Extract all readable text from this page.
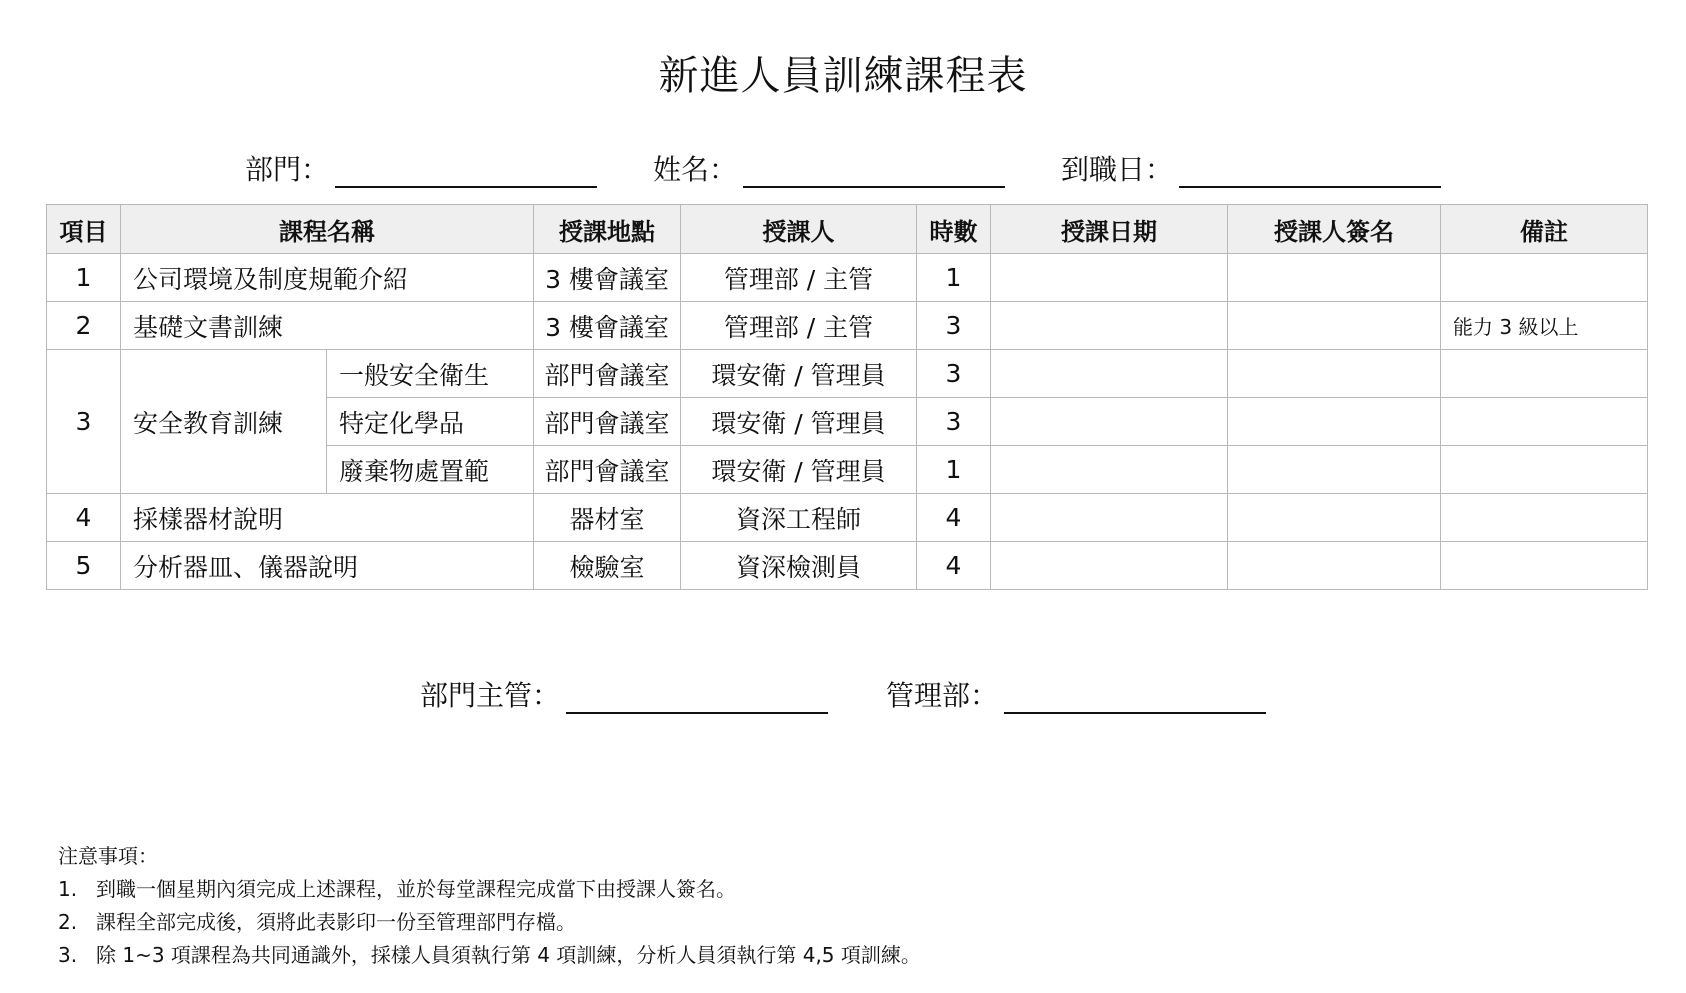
新進人員訓練課程表
部門：	姓名：	到職日：
項目	課程名稱		授課地點	授課人	時數	授課日期	授課人簽名	備註
1	公司環境及制度規範介紹		3 樓會議室	管理部 / 主管	1			
2	基礎文書訓練		3 樓會議室	管理部 / 主管	3			能力 3 級以上
3	安全教育訓練	一般安全衛生	部門會議室	環安衛 / 管理員	3			
		特定化學品	部門會議室	環安衛 / 管理員	3			
		廢棄物處置範	部門會議室	環安衛 / 管理員	1			
4	採樣器材說明		器材室	資深工程師	4			
5	分析器皿、儀器說明		檢驗室	資深檢測員	4			
部門主管：	管理部：
注意事項：
1. 到職一個星期內須完成上述課程，並於每堂課程完成當下由授課人簽名。
2. 課程全部完成後，須將此表影印一份至管理部門存檔。
3. 除 1~3 項課程為共同通識外，採樣人員須執行第 4 項訓練，分析人員須執行第 4,5 項訓練。
